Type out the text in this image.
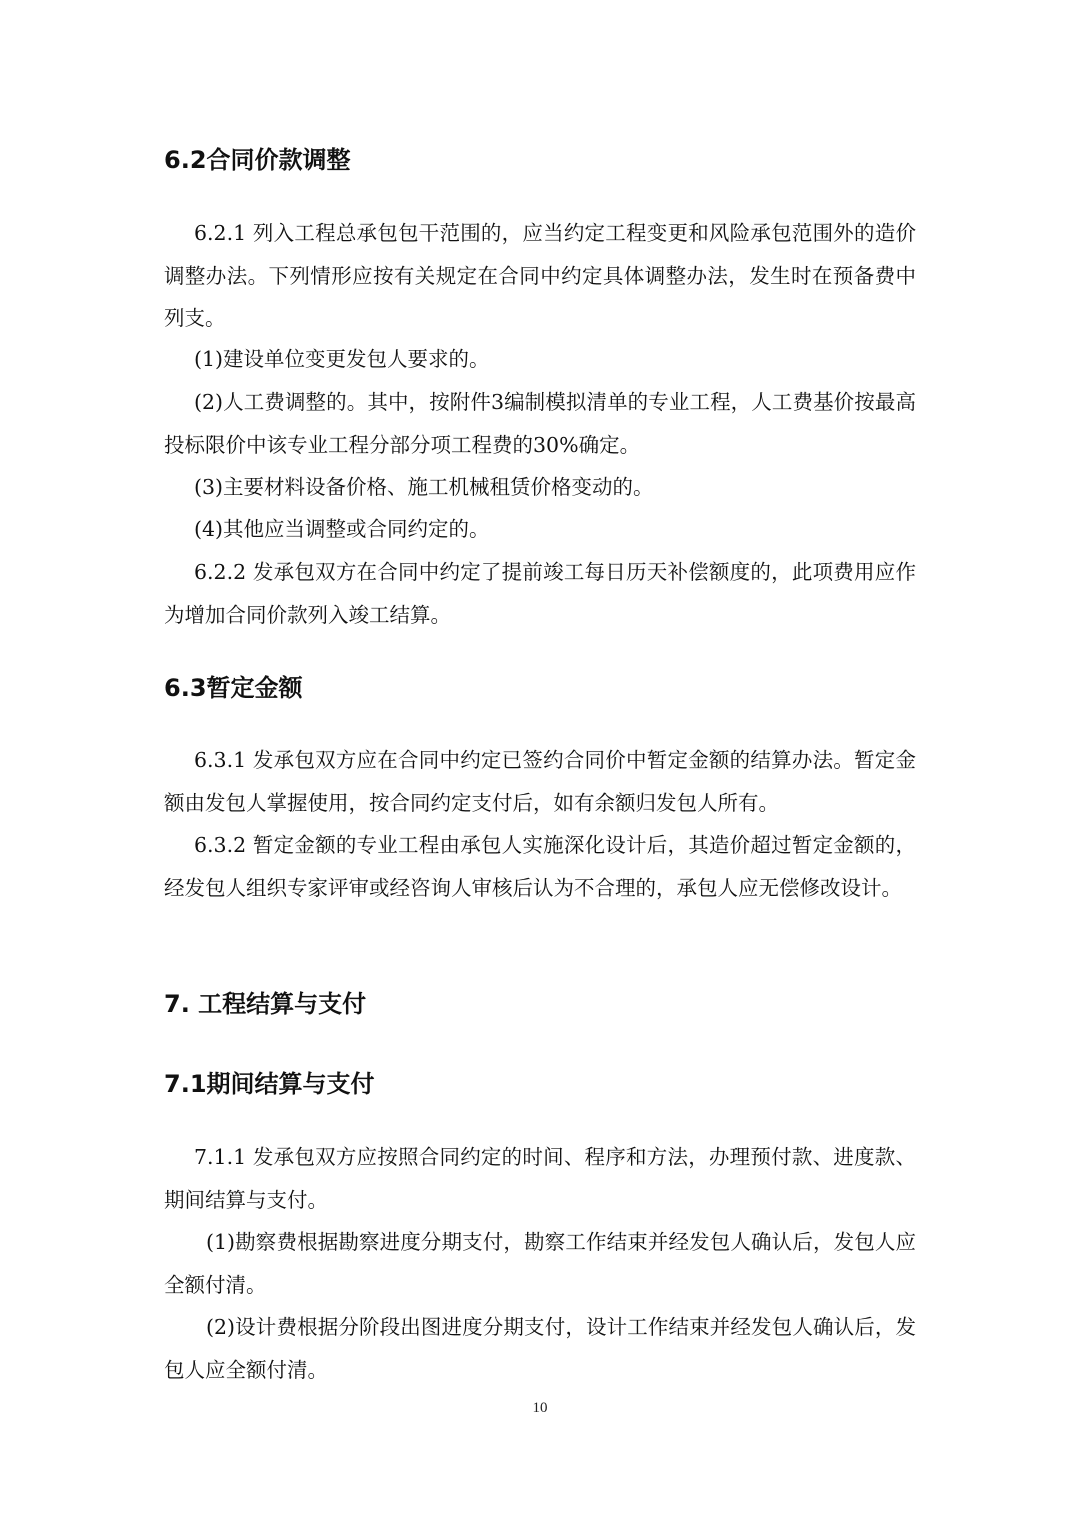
6.2合同价款调整

6.2.1 列入工程总承包包干范围的，应当约定工程变更和风险承包范围外的造价调整办法。下列情形应按有关规定在合同中约定具体调整办法，发生时在预备费中列支。

(1)建设单位变更发包人要求的。

(2)人工费调整的。其中，按附件3编制模拟清单的专业工程，人工费基价按最高投标限价中该专业工程分部分项工程费的30%确定。

(3)主要材料设备价格、施工机械租赁价格变动的。

(4)其他应当调整或合同约定的。

6.2.2 发承包双方在合同中约定了提前竣工每日历天补偿额度的，此项费用应作为增加合同价款列入竣工结算。

6.3暂定金额

6.3.1 发承包双方应在合同中约定已签约合同价中暂定金额的结算办法。暂定金额由发包人掌握使用，按合同约定支付后，如有余额归发包人所有。

6.3.2 暂定金额的专业工程由承包人实施深化设计后，其造价超过暂定金额的，经发包人组织专家评审或经咨询人审核后认为不合理的，承包人应无偿修改设计。

7. 工程结算与支付
7.1期间结算与支付

7.1.1 发承包双方应按照合同约定的时间、程序和方法，办理预付款、进度款、期间结算与支付。

(1)勘察费根据勘察进度分期支付，勘察工作结束并经发包人确认后，发包人应全额付清。

(2)设计费根据分阶段出图进度分期支付，设计工作结束并经发包人确认后，发包人应全额付清。

10
